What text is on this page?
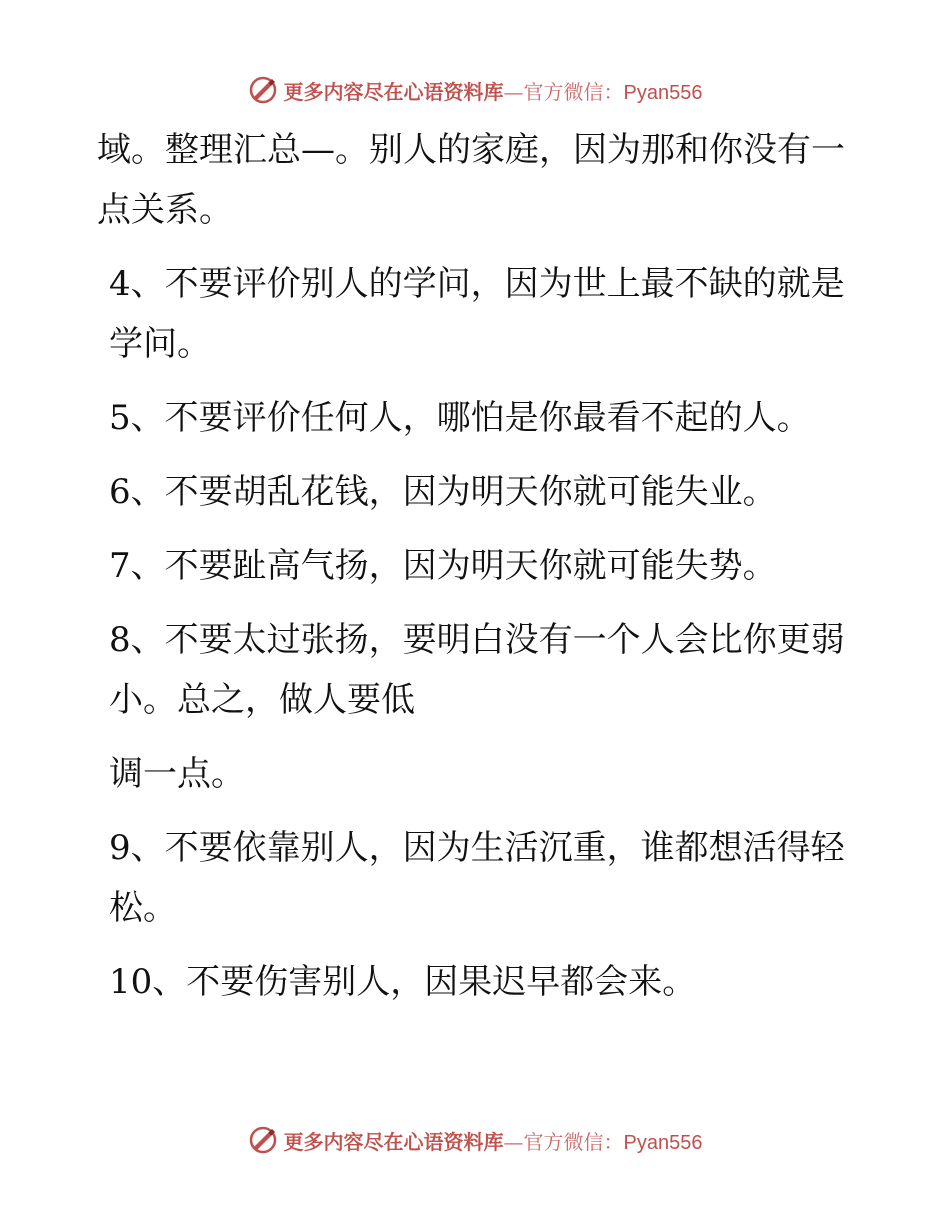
更多内容尽在心语资料库—官方微信：Pyan556

域。整理汇总—。别人的家庭，因为那和你没有一点关系。

4、不要评价别人的学问，因为世上最不缺的就是学问。

5、不要评价任何人，哪怕是你最看不起的人。

6、不要胡乱花钱，因为明天你就可能失业。

7、不要趾高气扬，因为明天你就可能失势。

8、不要太过张扬，要明白没有一个人会比你更弱小。总之，做人要低

调一点。

9、不要依靠别人，因为生活沉重，谁都想活得轻松。

10、不要伤害别人，因果迟早都会来。

更多内容尽在心语资料库—官方微信：Pyan556
